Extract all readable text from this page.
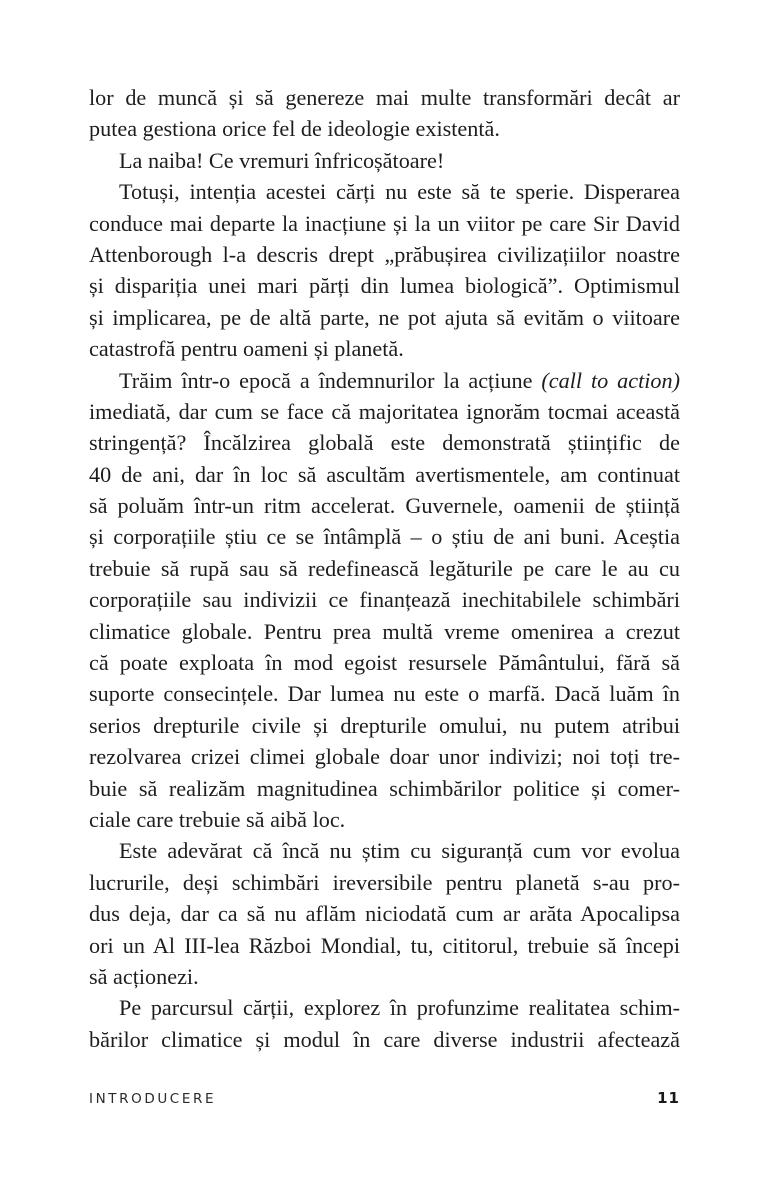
lor de muncă și să genereze mai multe transformări decât ar
putea gestiona orice fel de ideologie existentă.
La naiba! Ce vremuri înfricoșătoare!
Totuși, intenția acestei cărți nu este să te sperie. Disperarea
conduce mai departe la inacțiune și la un viitor pe care Sir David
Attenborough l-a descris drept „prăbușirea civilizațiilor noastre
și dispariția unei mari părți din lumea biologică”. Optimismul
și implicarea, pe de altă parte, ne pot ajuta să evităm o viitoare
catastrofă pentru oameni și planetă.
Trăim într-o epocă a îndemnurilor la acțiune (call to action)
imediată, dar cum se face că majoritatea ignorăm tocmai această
stringență? Încălzirea globală este demonstrată științific de
40 de ani, dar în loc să ascultăm avertismentele, am continuat
să poluăm într-un ritm accelerat. Guvernele, oamenii de știință
și corporațiile știu ce se întâmplă – o știu de ani buni. Aceștia
trebuie să rupă sau să redefinească legăturile pe care le au cu
corporațiile sau indivizii ce finanțează inechitabilele schimbări
climatice globale. Pentru prea multă vreme omenirea a crezut
că poate exploata în mod egoist resursele Pământului, fără să
suporte consecințele. Dar lumea nu este o marfă. Dacă luăm în
serios drepturile civile și drepturile omului, nu putem atribui
rezolvarea crizei climei globale doar unor indivizi; noi toți tre-
buie să realizăm magnitudinea schimbărilor politice și comer-
ciale care trebuie să aibă loc.
Este adevărat că încă nu știm cu siguranță cum vor evolua
lucrurile, deși schimbări ireversibile pentru planetă s-au pro-
dus deja, dar ca să nu aflăm niciodată cum ar arăta Apocalipsa
ori un Al III-lea Război Mondial, tu, cititorul, trebuie să începi
să acționezi.
Pe parcursul cărții, explorez în profunzime realitatea schim-
bărilor climatice și modul în care diverse industrii afectează
INTRODUCERE	11
